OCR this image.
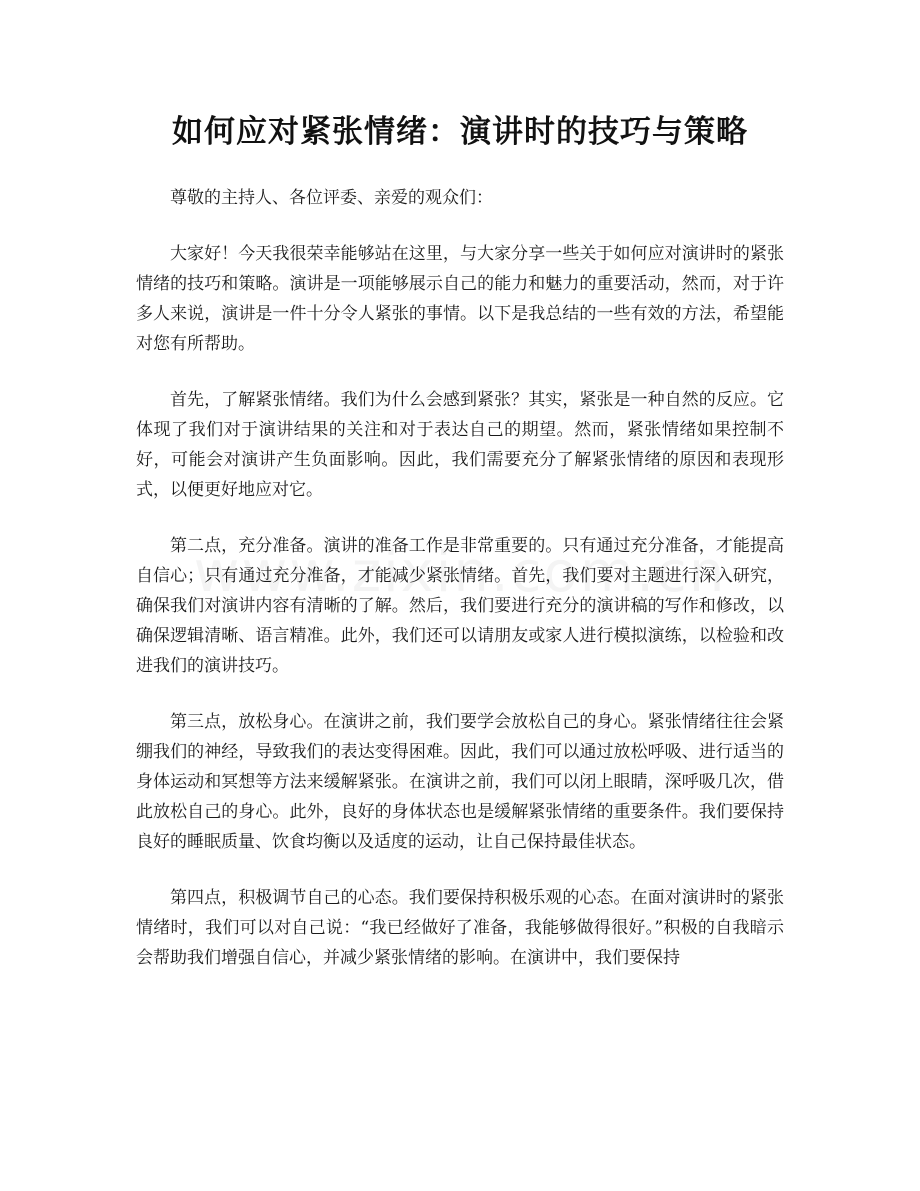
如何应对紧张情绪：演讲时的技巧与策略

尊敬的主持人、各位评委、亲爱的观众们：

大家好！今天我很荣幸能够站在这里，与大家分享一些关于如何应对演讲时的紧张情绪的技巧和策略。演讲是一项能够展示自己的能力和魅力的重要活动，然而，对于许多人来说，演讲是一件十分令人紧张的事情。以下是我总结的一些有效的方法，希望能对您有所帮助。

首先，了解紧张情绪。我们为什么会感到紧张？其实，紧张是一种自然的反应。它体现了我们对于演讲结果的关注和对于表达自己的期望。然而，紧张情绪如果控制不好，可能会对演讲产生负面影响。因此，我们需要充分了解紧张情绪的原因和表现形式，以便更好地应对它。

第二点，充分准备。演讲的准备工作是非常重要的。只有通过充分准备，才能提高自信心；只有通过充分准备，才能减少紧张情绪。首先，我们要对主题进行深入研究，确保我们对演讲内容有清晰的了解。然后，我们要进行充分的演讲稿的写作和修改，以确保逻辑清晰、语言精准。此外，我们还可以请朋友或家人进行模拟演练，以检验和改进我们的演讲技巧。

第三点，放松身心。在演讲之前，我们要学会放松自己的身心。紧张情绪往往会紧绷我们的神经，导致我们的表达变得困难。因此，我们可以通过放松呼吸、进行适当的身体运动和冥想等方法来缓解紧张。在演讲之前，我们可以闭上眼睛，深呼吸几次，借此放松自己的身心。此外，良好的身体状态也是缓解紧张情绪的重要条件。我们要保持良好的睡眠质量、饮食均衡以及适度的运动，让自己保持最佳状态。

第四点，积极调节自己的心态。我们要保持积极乐观的心态。在面对演讲时的紧张情绪时，我们可以对自己说：“我已经做好了准备，我能够做得很好。”积极的自我暗示会帮助我们增强自信心，并减少紧张情绪的影响。在演讲中，我们要保持
